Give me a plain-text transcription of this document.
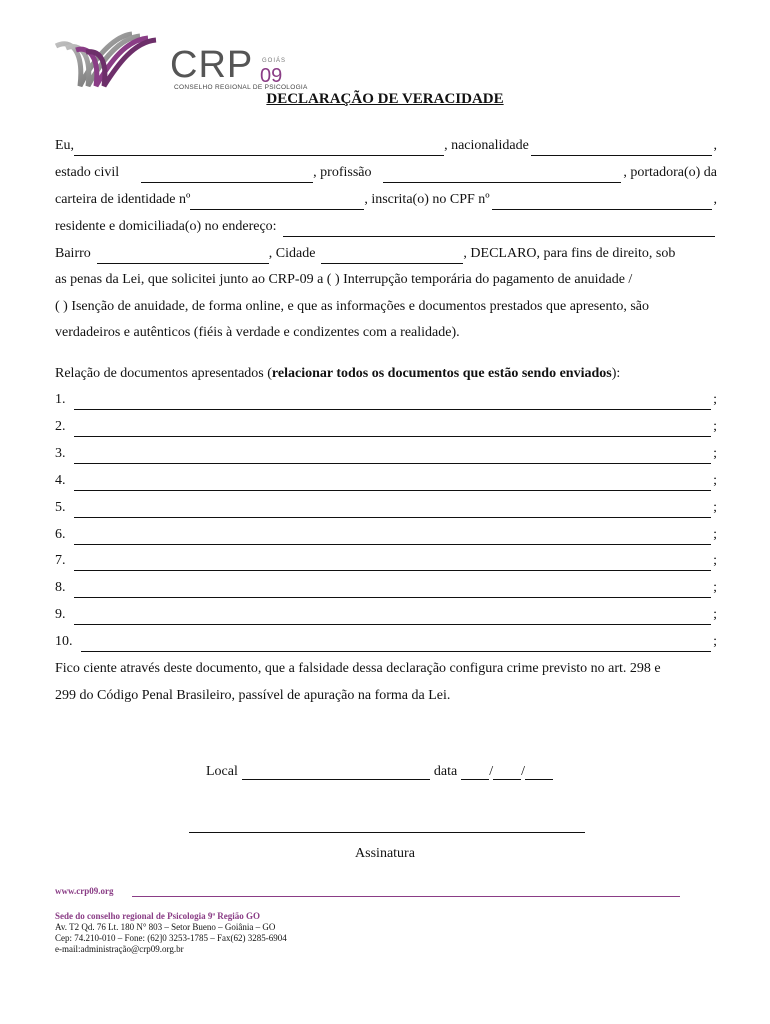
CRP GOIÁS
09
CONSELHO REGIONAL DE PSICOLOGIA
DECLARAÇÃO DE VERACIDADE
Eu,	, nacionalidade	,
estado civil	, profissão	, portadora(o) da
carteira de identidade nº	, inscrita(o) no CPF nº	,
residente e domiciliada(o) no endereço:
Bairro	, Cidade	, DECLARO, para fins de direito, sob
as penas da Lei, que solicitei junto ao CRP-09 a ( ) Interrupção temporária do pagamento de anuidade /
( ) Isenção de anuidade, de forma online, e que as informações e documentos prestados que apresento, são
verdadeiros e autênticos (fiéis à verdade e condizentes com a realidade).
Relação de documentos apresentados (relacionar todos os documentos que estão sendo enviados):
1.	;
2.	;
3.	;
4.	;
5.	;
6.	;
7.	;
8.	;
9.	;
10.	;
Fico ciente através deste documento, que a falsidade dessa declaração configura crime previsto no art. 298 e
299 do Código Penal Brasileiro, passível de apuração na forma da Lei.
Local	data / /
Assinatura
www.crp09.org
Sede do conselho regional de Psicologia 9ª Região GO
Av. T2 Qd. 76 Lt. 180 N° 803 – Setor Bueno – Goiânia – GO
Cep: 74.210-010 – Fone: (62]0 3253-1785 – Fax(62) 3285-6904
e-mail:administração@crp09.org.br
